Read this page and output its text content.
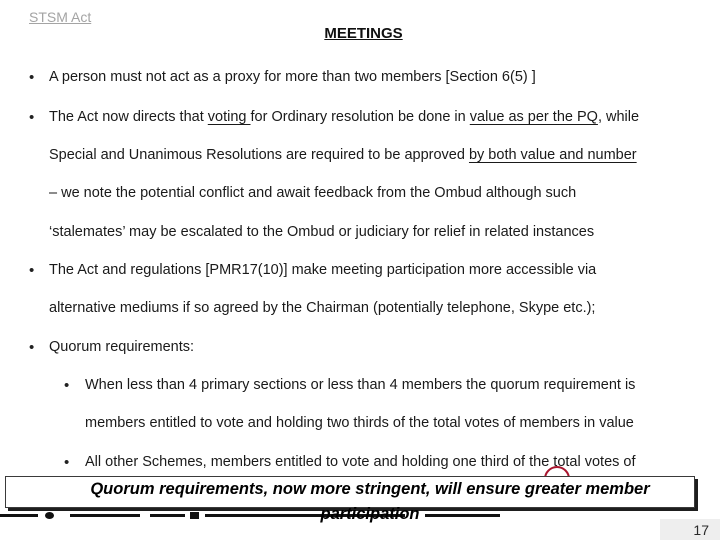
STSM Act
MEETINGS
• A person must not act as a proxy for more than two members [Section 6(5) ]
• The Act now directs that voting for Ordinary resolution be done in value as per the PQ, while
Special and Unanimous Resolutions are required to be approved by both value and number
– we note the potential conflict and await feedback from the Ombud although such
‘stalemates’ may be escalated to the Ombud or judiciary for relief in related instances
• The Act and regulations [PMR17(10)] make meeting participation more accessible via
alternative mediums if so agreed by the Chairman (potentially telephone, Skype etc.);
• Quorum requirements:
• When less than 4 primary sections or less than 4 members the quorum requirement is
members entitled to vote and holding two thirds of the total votes of members in value
• All other Schemes, members entitled to vote and holding one third of the total votes of
Quorum requirements, now more stringent, will ensure greater member
participation
17
